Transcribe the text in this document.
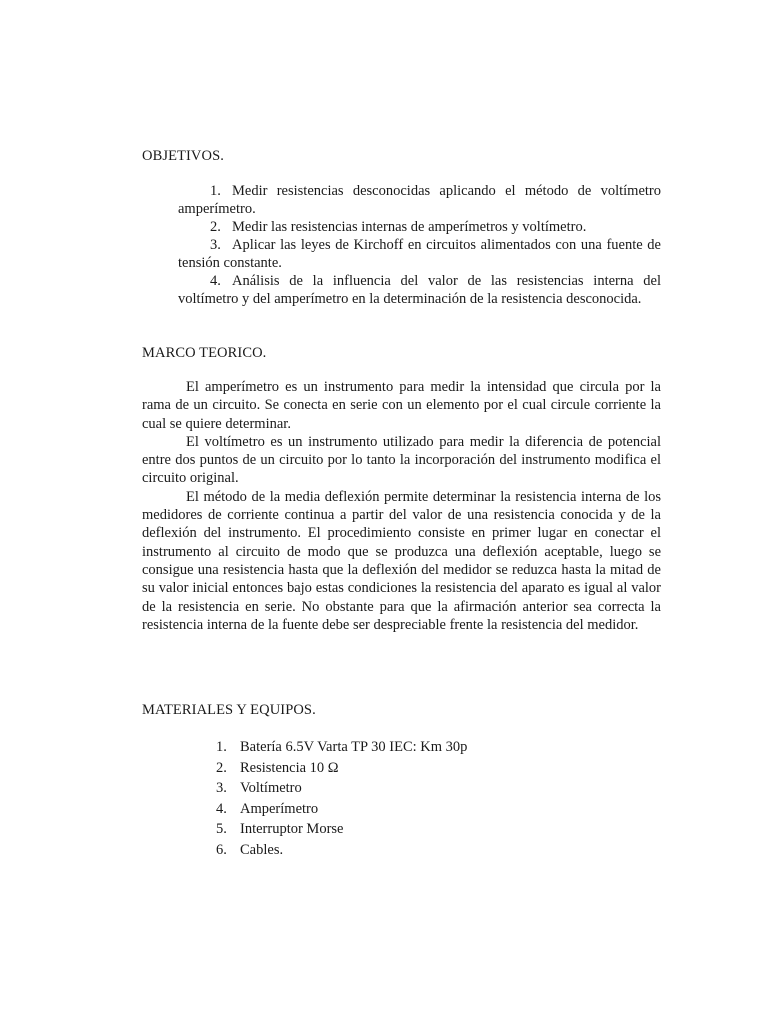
OBJETIVOS.
1. Medir resistencias desconocidas aplicando el método de voltímetro amperímetro.
2. Medir las resistencias internas de amperímetros y voltímetro.
3. Aplicar las leyes de Kirchoff en circuitos alimentados con una fuente de tensión constante.
4. Análisis de la influencia del valor de las resistencias interna del voltímetro y del amperímetro en la determinación de la resistencia desconocida.
MARCO TEORICO.

El amperímetro es un instrumento para medir la intensidad que circula por la rama de un circuito. Se conecta en serie con un elemento por el cual circule corriente la cual se quiere determinar.

El voltímetro es un instrumento utilizado para medir la diferencia de potencial entre dos puntos de un circuito por lo tanto la incorporación del instrumento modifica el circuito original.

El método de la media deflexión permite determinar la resistencia interna de los medidores de corriente continua a partir del valor de una resistencia conocida y de la deflexión del instrumento. El procedimiento consiste en primer lugar en conectar el instrumento al circuito de modo que se produzca una deflexión aceptable, luego se consigue una resistencia hasta que la deflexión del medidor se reduzca hasta la mitad de su valor inicial entonces bajo estas condiciones la resistencia del aparato es igual al valor de la resistencia en serie. No obstante para que la afirmación anterior sea correcta la resistencia interna de la fuente debe ser despreciable frente la resistencia del medidor.

MATERIALES Y EQUIPOS.
1. Batería 6.5V Varta TP 30 IEC: Km 30p
2. Resistencia 10 Ω
3. Voltímetro
4. Amperímetro
5. Interruptor Morse
6. Cables.
